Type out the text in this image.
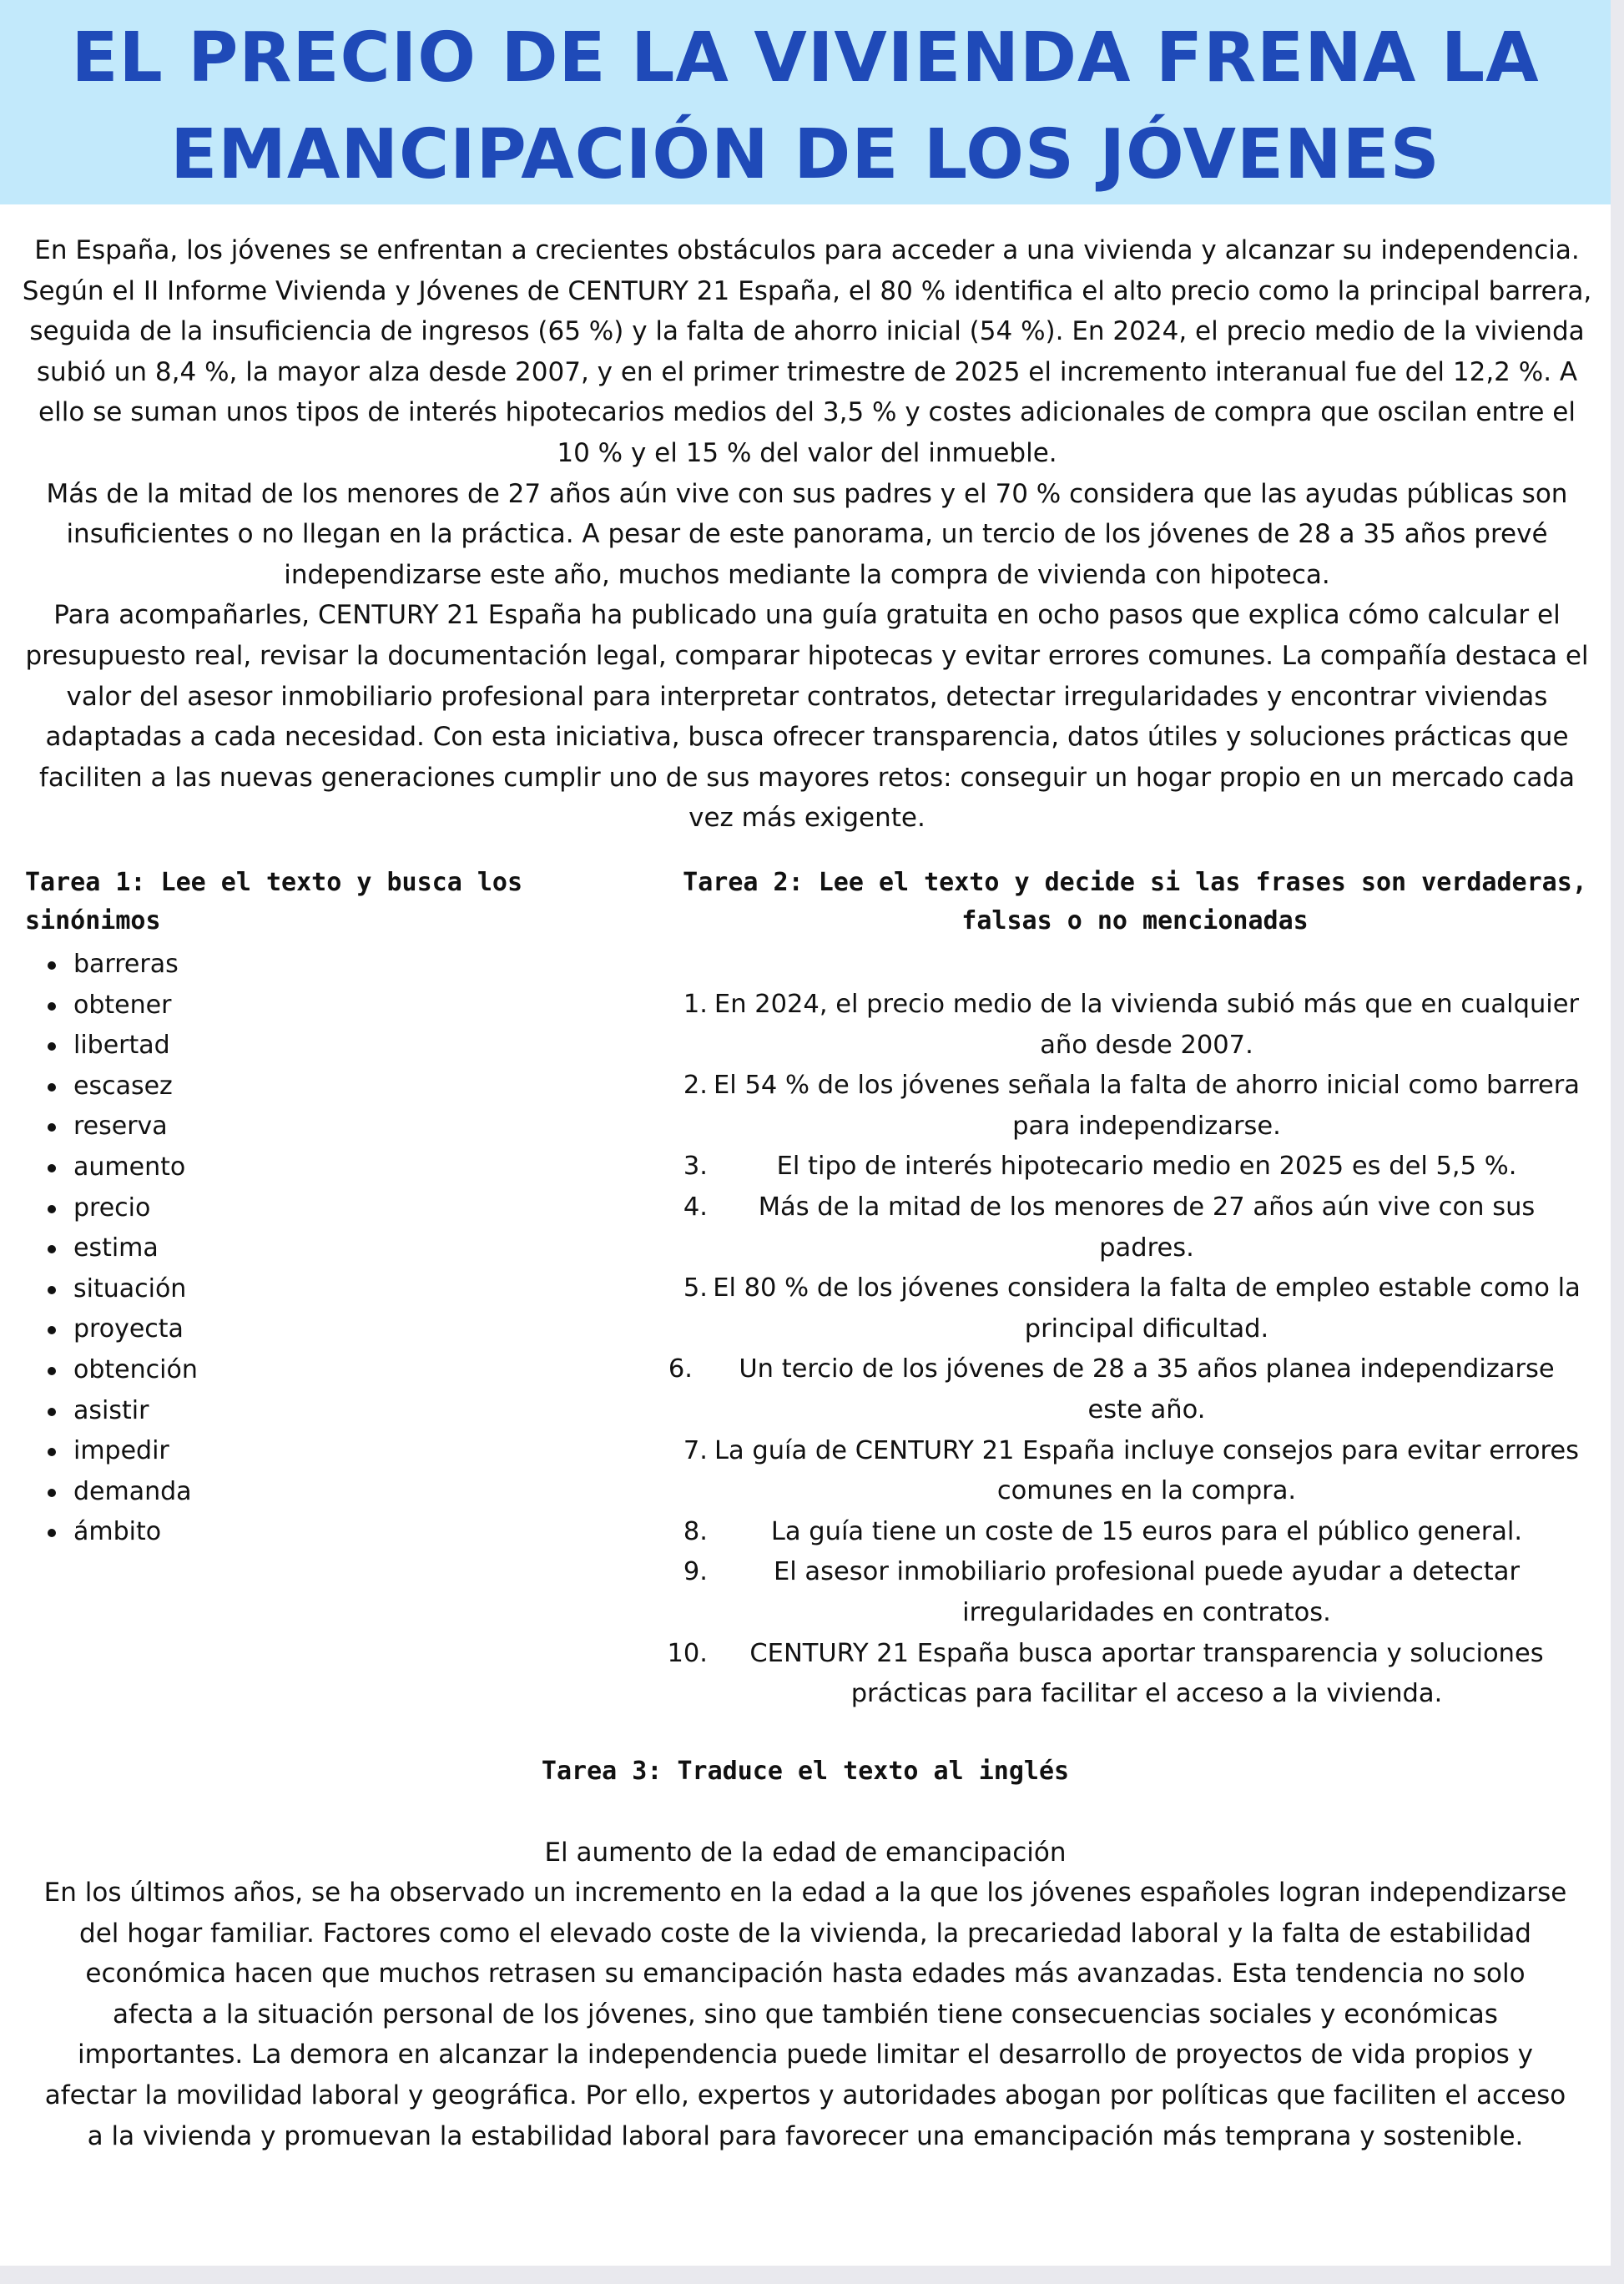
EL PRECIO DE LA VIVIENDA FRENA LA
EMANCIPACIÓN DE LOS JÓVENES

En España, los jóvenes se enfrentan a crecientes obstáculos para acceder a una vivienda y alcanzar su independencia. Según el II Informe Vivienda y Jóvenes de CENTURY 21 España, el 80 % identifica el alto precio como la principal barrera, seguida de la insuficiencia de ingresos (65 %) y la falta de ahorro inicial (54 %). En 2024, el precio medio de la vivienda subió un 8,4 %, la mayor alza desde 2007, y en el primer trimestre de 2025 el incremento interanual fue del 12,2 %. A ello se suman unos tipos de interés hipotecarios medios del 3,5 % y costes adicionales de compra que oscilan entre el 10 % y el 15 % del valor del inmueble.

Más de la mitad de los menores de 27 años aún vive con sus padres y el 70 % considera que las ayudas públicas son insuficientes o no llegan en la práctica. A pesar de este panorama, un tercio de los jóvenes de 28 a 35 años prevé independizarse este año, muchos mediante la compra de vivienda con hipoteca.

Para acompañarles, CENTURY 21 España ha publicado una guía gratuita en ocho pasos que explica cómo calcular el presupuesto real, revisar la documentación legal, comparar hipotecas y evitar errores comunes. La compañía destaca el valor del asesor inmobiliario profesional para interpretar contratos, detectar irregularidades y encontrar viviendas adaptadas a cada necesidad. Con esta iniciativa, busca ofrecer transparencia, datos útiles y soluciones prácticas que faciliten a las nuevas generaciones cumplir uno de sus mayores retos: conseguir un hogar propio en un mercado cada vez más exigente.

Tarea 1: Lee el texto y busca los sinónimos
Tarea 2: Lee el texto y decide si las frases son verdaderas, falsas o no mencionadas
barreras
obtener
libertad
escasez
reserva
aumento
precio
estima
situación
proyecta
obtención
asistir
impedir
demanda
ámbito
1. En 2024, el precio medio de la vivienda subió más que en cualquier año desde 2007.
2. El 54 % de los jóvenes señala la falta de ahorro inicial como barrera para independizarse.
3.	El tipo de interés hipotecario medio en 2025 es del 5,5 %.
4. Más de la mitad de los menores de 27 años aún vive con sus padres.
5. El 80 % de los jóvenes considera la falta de empleo estable como la principal dificultad.
6. Un tercio de los jóvenes de 28 a 35 años planea independizarse este año.
7. La guía de CENTURY 21 España incluye consejos para evitar errores comunes en la compra.
8. La guía tiene un coste de 15 euros para el público general.
9.	El asesor inmobiliario profesional puede ayudar a detectar irregularidades en contratos.
10. CENTURY 21 España busca aportar transparencia y soluciones prácticas para facilitar el acceso a la vivienda.
Tarea 3: Traduce el texto al inglés

El aumento de la edad de emancipación

En los últimos años, se ha observado un incremento en la edad a la que los jóvenes españoles logran independizarse del hogar familiar. Factores como el elevado coste de la vivienda, la precariedad laboral y la falta de estabilidad económica hacen que muchos retrasen su emancipación hasta edades más avanzadas. Esta tendencia no solo afecta a la situación personal de los jóvenes, sino que también tiene consecuencias sociales y económicas importantes. La demora en alcanzar la independencia puede limitar el desarrollo de proyectos de vida propios y afectar la movilidad laboral y geográfica. Por ello, expertos y autoridades abogan por políticas que faciliten el acceso a la vivienda y promuevan la estabilidad laboral para favorecer una emancipación más temprana y sostenible.
